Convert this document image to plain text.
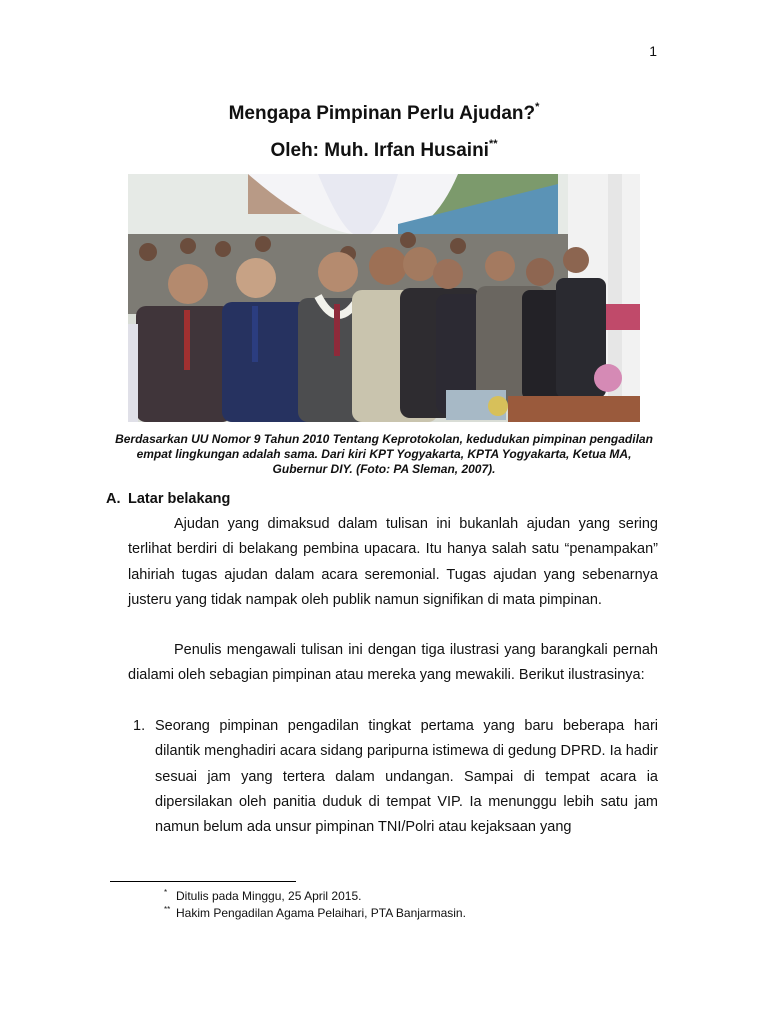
1
Mengapa Pimpinan Perlu Ajudan?*
Oleh: Muh. Irfan Husaini**
Berdasarkan UU Nomor 9 Tahun 2010 Tentang Keprotokolan, kedudukan pimpinan pengadilan empat lingkungan adalah sama. Dari kiri KPT Yogyakarta, KPTA Yogyakarta, Ketua MA, Gubernur DIY. (Foto: PA Sleman, 2007).
A. Latar belakang

Ajudan yang dimaksud dalam tulisan ini bukanlah ajudan yang sering terlihat berdiri di belakang pembina upacara. Itu hanya salah satu “penampakan” lahiriah tugas ajudan dalam acara seremonial. Tugas ajudan yang sebenarnya justeru yang tidak nampak oleh publik namun signifikan di mata pimpinan.

Penulis mengawali tulisan ini dengan tiga ilustrasi yang barangkali pernah dialami oleh sebagian pimpinan atau mereka yang mewakili. Berikut ilustrasinya:

1. Seorang pimpinan pengadilan tingkat pertama yang baru beberapa hari dilantik menghadiri acara sidang paripurna istimewa di gedung DPRD. Ia hadir sesuai jam yang tertera dalam undangan. Sampai di tempat acara ia dipersilakan oleh panitia duduk di tempat VIP. Ia menunggu lebih satu jam namun belum ada unsur pimpinan TNI/Polri atau kejaksaan yang
* Ditulis pada Minggu, 25 April 2015.
** Hakim Pengadilan Agama Pelaihari, PTA Banjarmasin.
